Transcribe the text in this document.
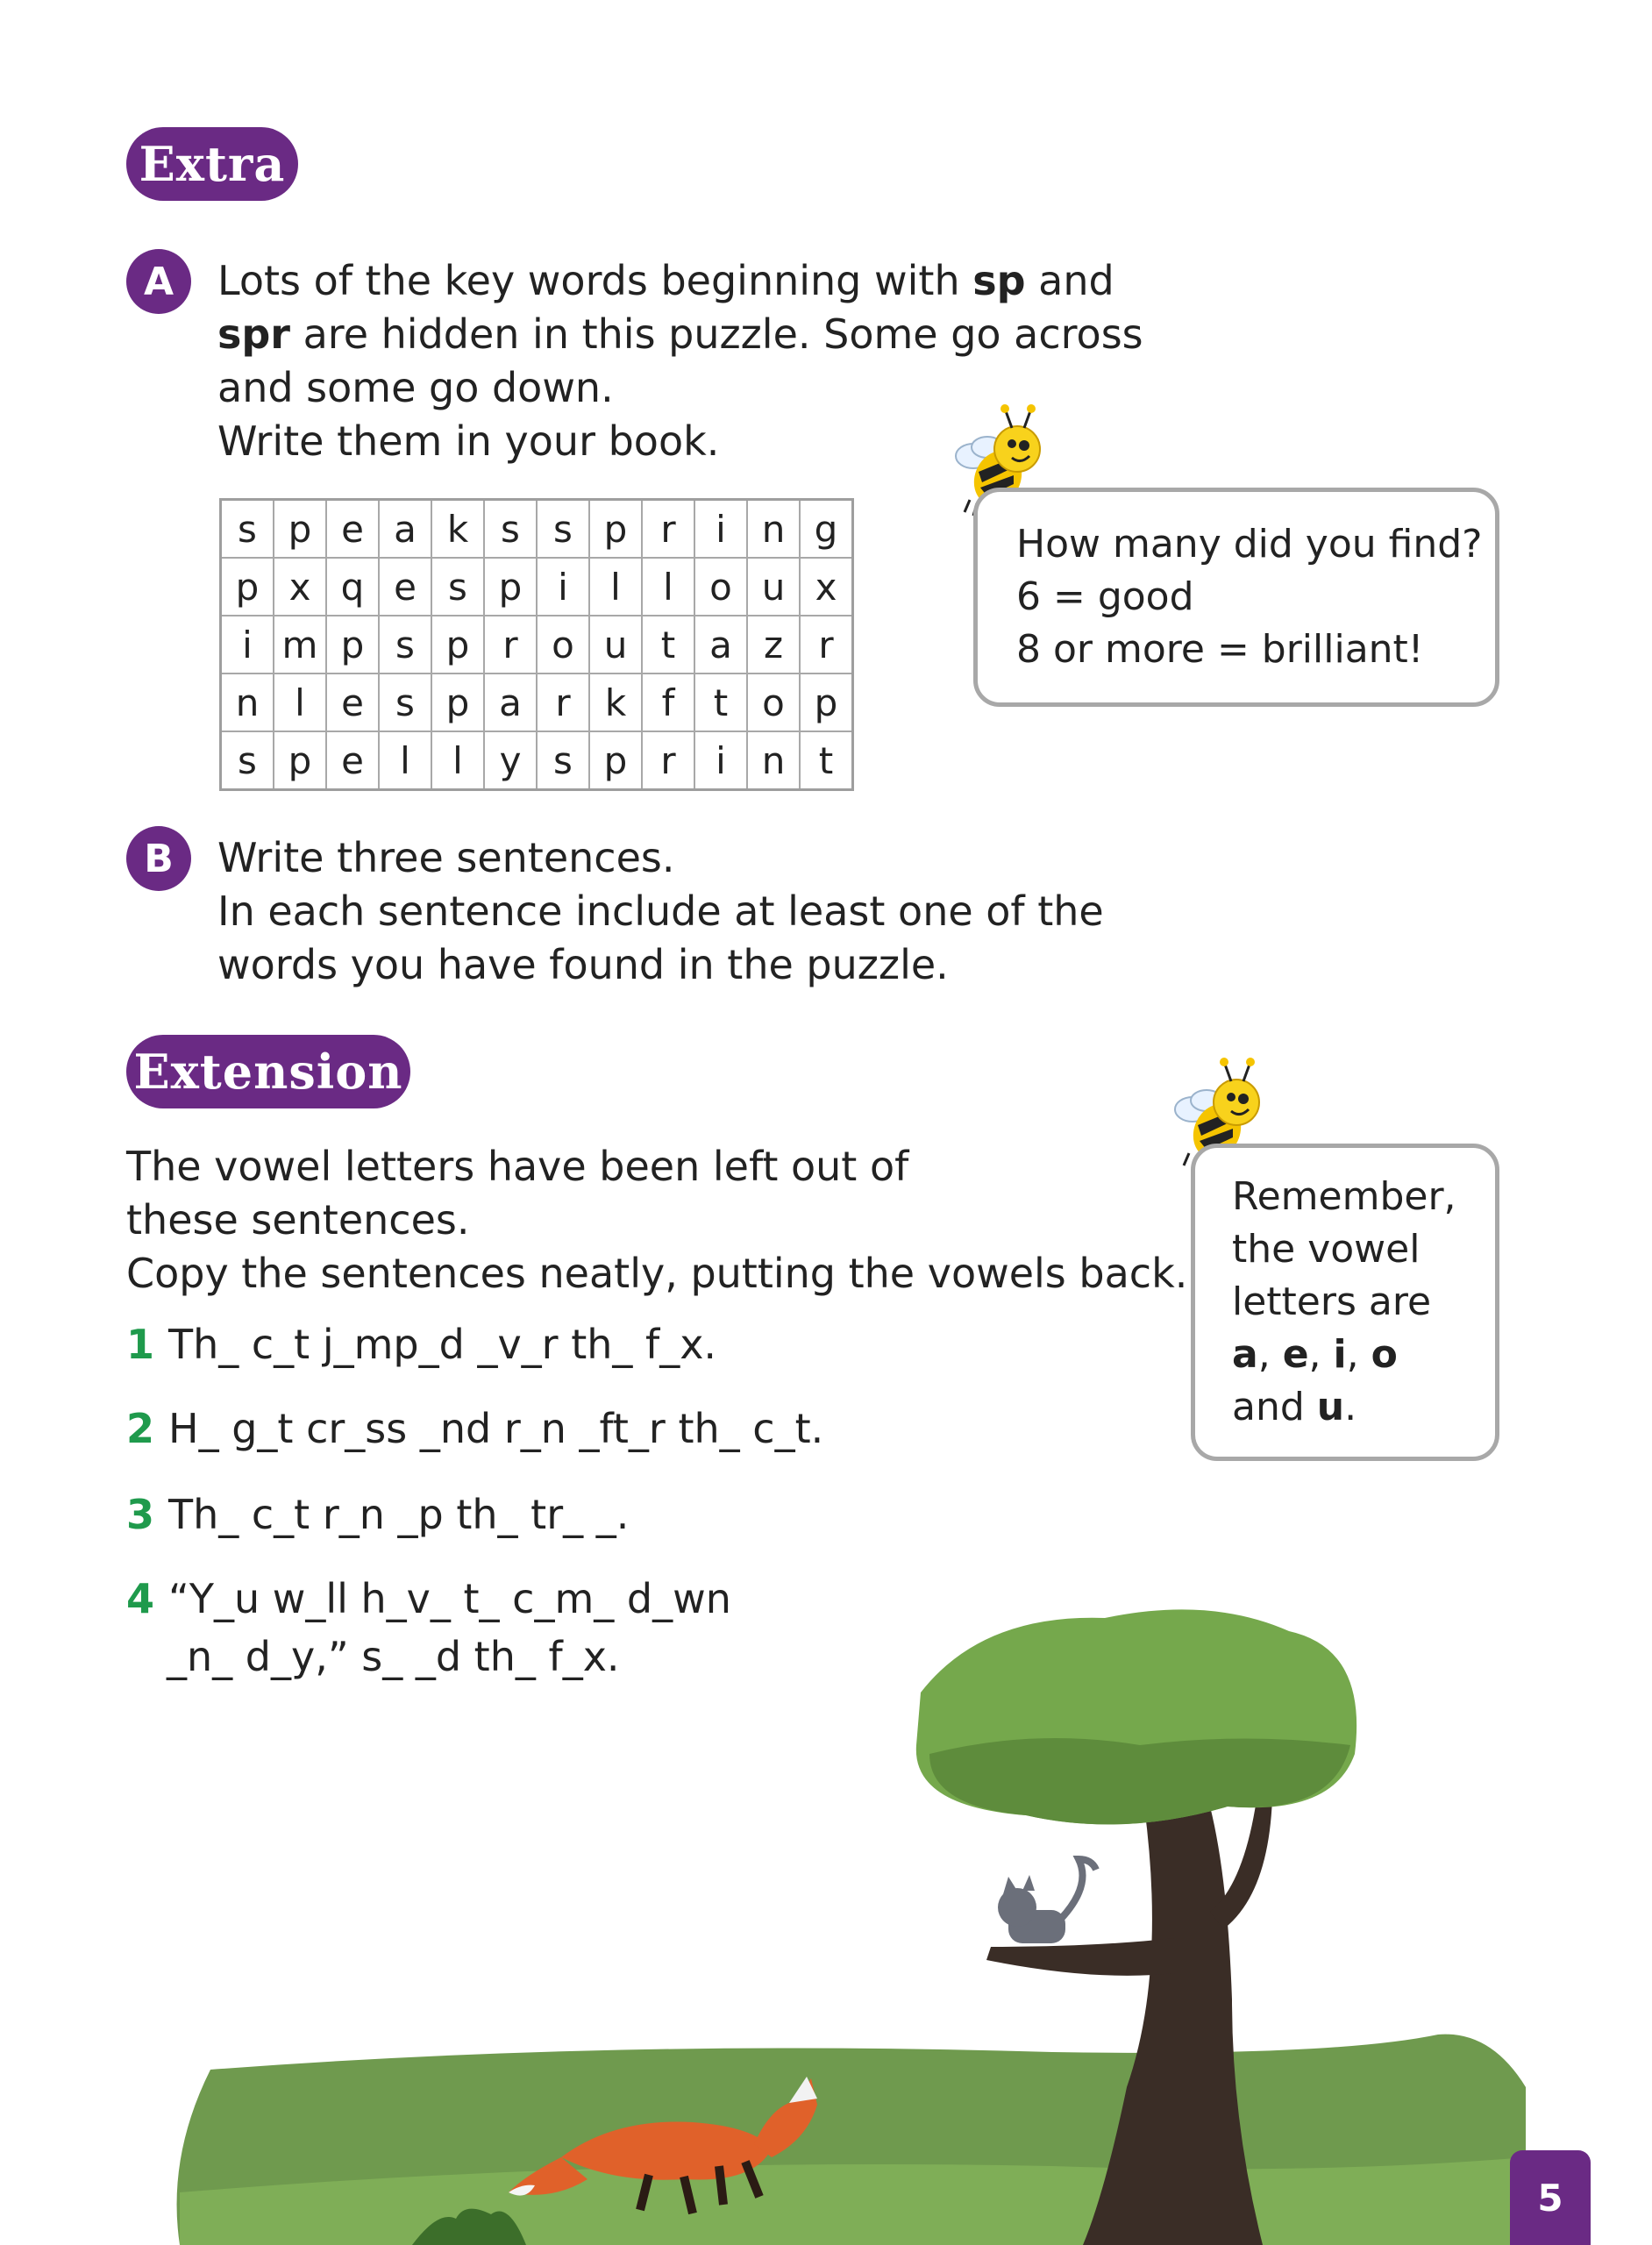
Extra
A	Lots of the key words beginning with sp and

spr are hidden in this puzzle. Some go across

and some go down.

Write them in your book.

s	p	e	a	k	s	s	p	r	i	n	g
p	x	q	e	s	p	i	l	l	o	u	x
i	m	p	s	p	r	o	u	t	a	z	r
n	l	e	s	p	a	r	k	f	t	o	p
s	p	e	l	l	y	s	p	r	i	n	t

How many did you find?

6 = good

8 or more = brilliant!

B	Write three sentences.

In each sentence include at least one of the

words you have found in the puzzle.

Extension

The vowel letters have been left out of

these sentences.

Copy the sentences neatly, putting the vowels back.

1 Th_ c_t j_mp_d _v_r th_ f_x.
2 H_ g_t cr_ss _nd r_n _ft_r th_ c_t.
3 Th_ c_t r_n _p th_ tr_ _.
4 “Y_u w_ll h_v_ t_ c_m_ d_wn
_n_ d_y,” s_ _d th_ f_x.

Remember,

the vowel

letters are

a, e, i, o

and u.

5
